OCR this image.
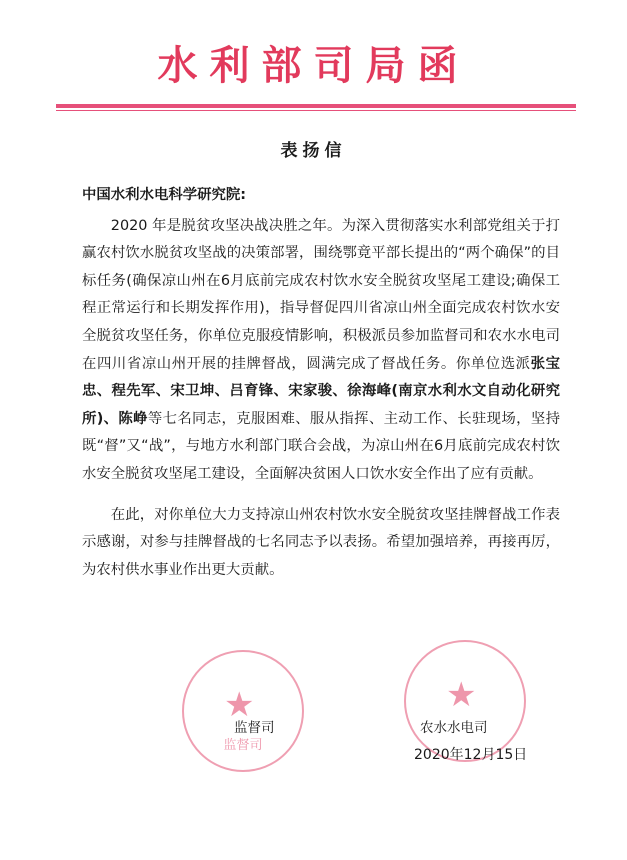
水利部司局函
表扬信

中国水利水电科学研究院:

2020 年是脱贫攻坚决战决胜之年。为深入贯彻落实水利部党组关于打赢农村饮水脱贫攻坚战的决策部署，围绕鄂竟平部长提出的“两个确保”的目标任务(确保凉山州在6月底前完成农村饮水安全脱贫攻坚尾工建设;确保工程正常运行和长期发挥作用)，指导督促四川省凉山州全面完成农村饮水安全脱贫攻坚任务，你单位克服疫情影响，积极派员参加监督司和农水水电司在四川省凉山州开展的挂牌督战，圆满完成了督战任务。你单位选派张宝忠、程先军、宋卫坤、吕育锋、宋家骏、徐海峰(南京水利水文自动化研究所)、陈峥等七名同志，克服困难、服从指挥、主动工作、长驻现场，坚持既“督”又“战”，与地方水利部门联合会战，为凉山州在6月底前完成农村饮水安全脱贫攻坚尾工建设，全面解决贫困人口饮水安全作出了应有贡献。

在此，对你单位大力支持凉山州农村饮水安全脱贫攻坚挂牌督战工作表示感谢，对参与挂牌督战的七名同志予以表扬。希望加强培养，再接再厉，为农村供水事业作出更大贡献。

★
监督司
★
监督司	农水水电司
2020年12月15日
